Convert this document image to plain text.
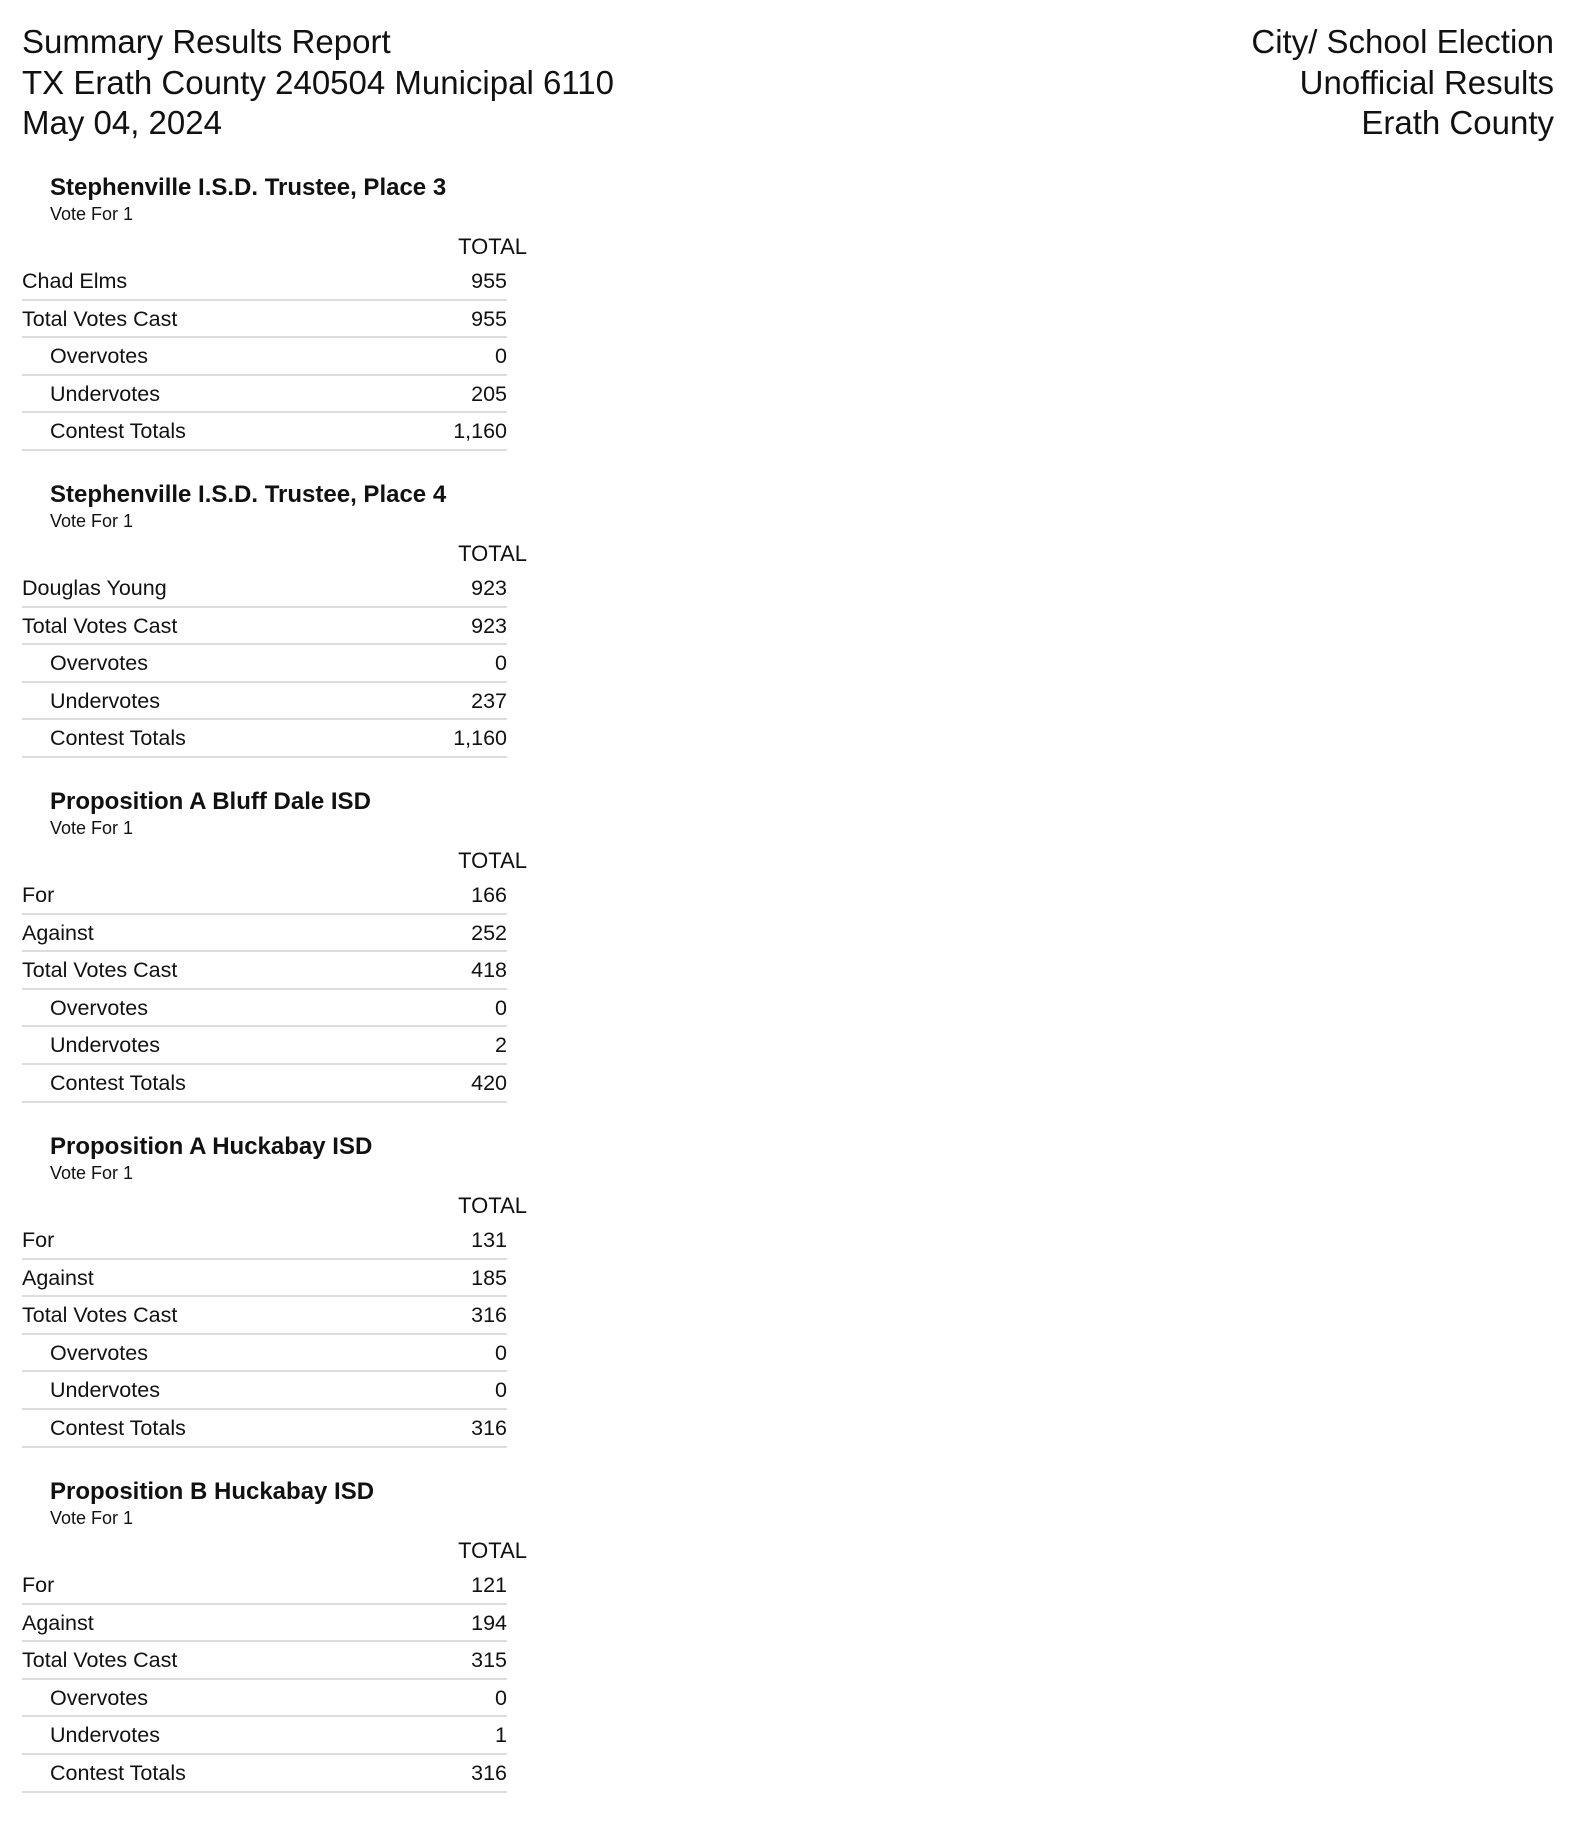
Summary Results Report
TX Erath County 240504 Municipal 6110
May 04, 2024
City/ School Election
Unofficial Results
Erath County
Stephenville I.S.D. Trustee, Place 3
Vote For 1
TOTAL
Chad Elms	955
Total Votes Cast	955
Overvotes	0
Undervotes	205
Contest Totals	1,160
Stephenville I.S.D. Trustee, Place 4
Vote For 1
TOTAL
Douglas Young	923
Total Votes Cast	923
Overvotes	0
Undervotes	237
Contest Totals	1,160
Proposition A Bluff Dale ISD
Vote For 1
TOTAL
For	166
Against	252
Total Votes Cast	418
Overvotes	0
Undervotes	2
Contest Totals	420
Proposition A Huckabay ISD
Vote For 1
TOTAL
For	131
Against	185
Total Votes Cast	316
Overvotes	0
Undervotes	0
Contest Totals	316
Proposition B Huckabay ISD
Vote For 1
TOTAL
For	121
Against	194
Total Votes Cast	315
Overvotes	0
Undervotes	1
Contest Totals	316
